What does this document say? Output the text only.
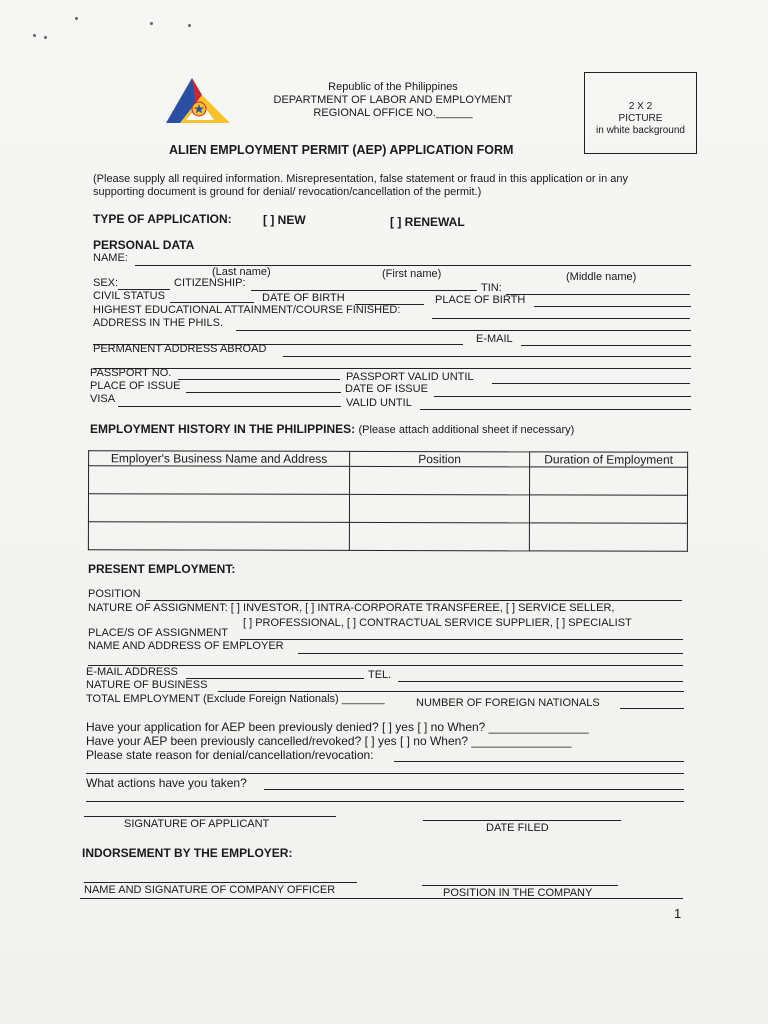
Republic of the Philippines
DEPARTMENT OF LABOR AND EMPLOYMENT
REGIONAL OFFICE NO.______
2 X 2
PICTURE
in white background
ALIEN EMPLOYMENT PERMIT (AEP) APPLICATION FORM
(Please supply all required information. Misrepresentation, false statement or fraud in this application or in any
supporting document is ground for denial/ revocation/cancellation of the permit.)
TYPE OF APPLICATION:	[ ] NEW	[ ] RENEWAL
PERSONAL DATA
NAME:
(Last name)	(First name)	(Middle name)
SEX:	CITIZENSHIP:	TIN:
CIVIL STATUS	DATE OF BIRTH	PLACE OF BIRTH
HIGHEST EDUCATIONAL ATTAINMENT/COURSE FINISHED:
ADDRESS IN THE PHILS.
E-MAIL
PERMANENT ADDRESS ABROAD
PASSPORT NO.	PASSPORT VALID UNTIL
PLACE OF ISSUE	DATE OF ISSUE
VISA	VALID UNTIL
EMPLOYMENT HISTORY IN THE PHILIPPINES: (Please attach additional sheet if necessary)
Employer's Business Name and Address	Position	Duration of Employment

PRESENT EMPLOYMENT:
POSITION
NATURE OF ASSIGNMENT: [ ] INVESTOR, [ ] INTRA-CORPORATE TRANSFEREE, [ ] SERVICE SELLER,
[ ] PROFESSIONAL, [ ] CONTRACTUAL SERVICE SUPPLIER, [ ] SPECIALIST
PLACE/S OF ASSIGNMENT
NAME AND ADDRESS OF EMPLOYER
E-MAIL ADDRESS	TEL.
NATURE OF BUSINESS
TOTAL EMPLOYMENT (Exclude Foreign Nationals) _______	NUMBER OF FOREIGN NATIONALS
Have your application for AEP been previously denied? [ ] yes [ ] no When? _______________
Have your AEP been previously cancelled/revoked? [ ] yes [ ] no When? _______________
Please state reason for denial/cancellation/revocation:
What actions have you taken?
SIGNATURE OF APPLICANT	DATE FILED
INDORSEMENT BY THE EMPLOYER:
NAME AND SIGNATURE OF COMPANY OFFICER	POSITION IN THE COMPANY
1
